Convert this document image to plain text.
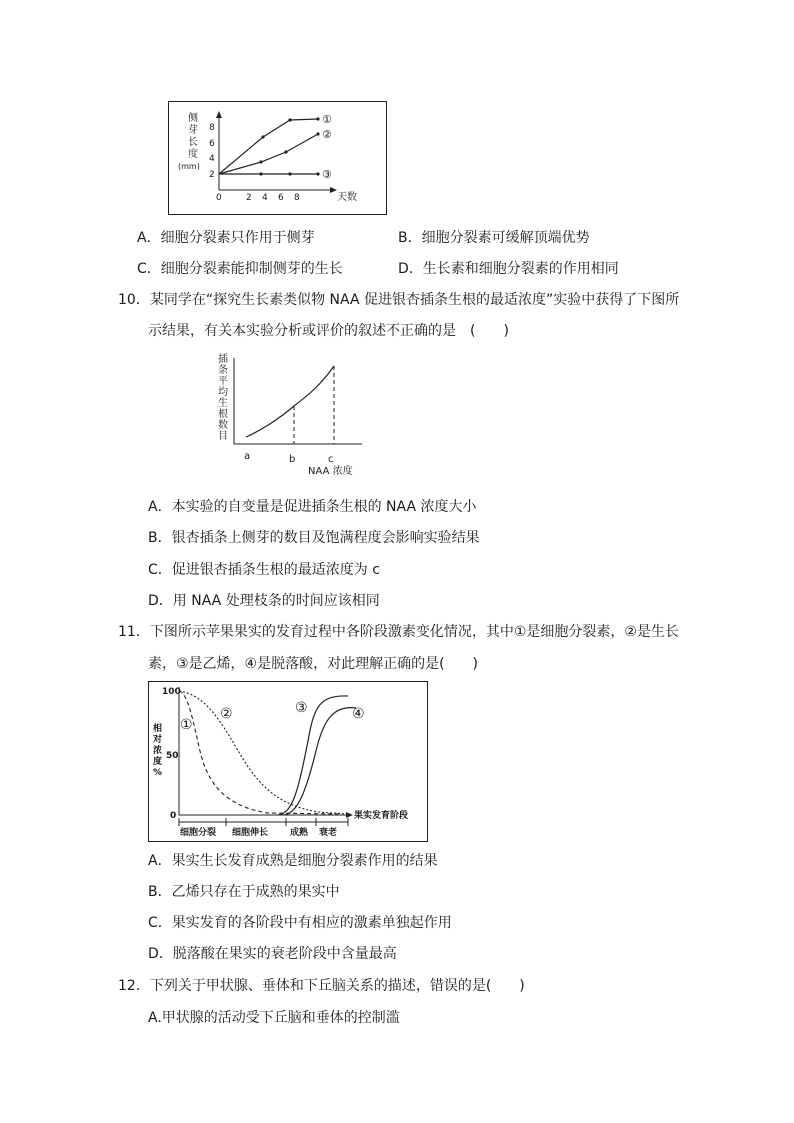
侧
芽
长
度
(mm)
8
6
4
2
0	2 4 6 8	天数
①
②
③
A．细胞分裂素只作用于侧芽	B．细胞分裂素可缓解顶端优势
C．细胞分裂素能抑制侧芽的生长	D．生长素和细胞分裂素的作用相同
10．某同学在“探究生长素类似物 NAA 促进银杏插条生根的最适浓度”实验中获得了下图所
示结果，有关本实验分析或评价的叙述不正确的是　(　　)
插
条
平
均
生
根
数
目
a	b	c
NAA 浓度
A．本实验的自变量是促进插条生根的 NAA 浓度大小
B．银杏插条上侧芽的数目及饱满程度会影响实验结果
C．促进银杏插条生根的最适浓度为 c
D．用 NAA 处理枝条的时间应该相同
11．下图所示苹果果实的发育过程中各阶段激素变化情况，其中①是细胞分裂素，②是生长
素，③是乙烯，④是脱落酸，对此理解正确的是(　　)
相
对
浓
度
%
100
50
0	果实发育阶段
细胞分裂 细胞伸长 成熟 衰老
①
②	③	④
A．果实生长发育成熟是细胞分裂素作用的结果
B．乙烯只存在于成熟的果实中
C．果实发育的各阶段中有相应的激素单独起作用
D．脱落酸在果实的衰老阶段中含量最高
12．下列关于甲状腺、垂体和下丘脑关系的描述，错误的是(　　)
A.甲状腺的活动受下丘脑和垂体的控制滥
